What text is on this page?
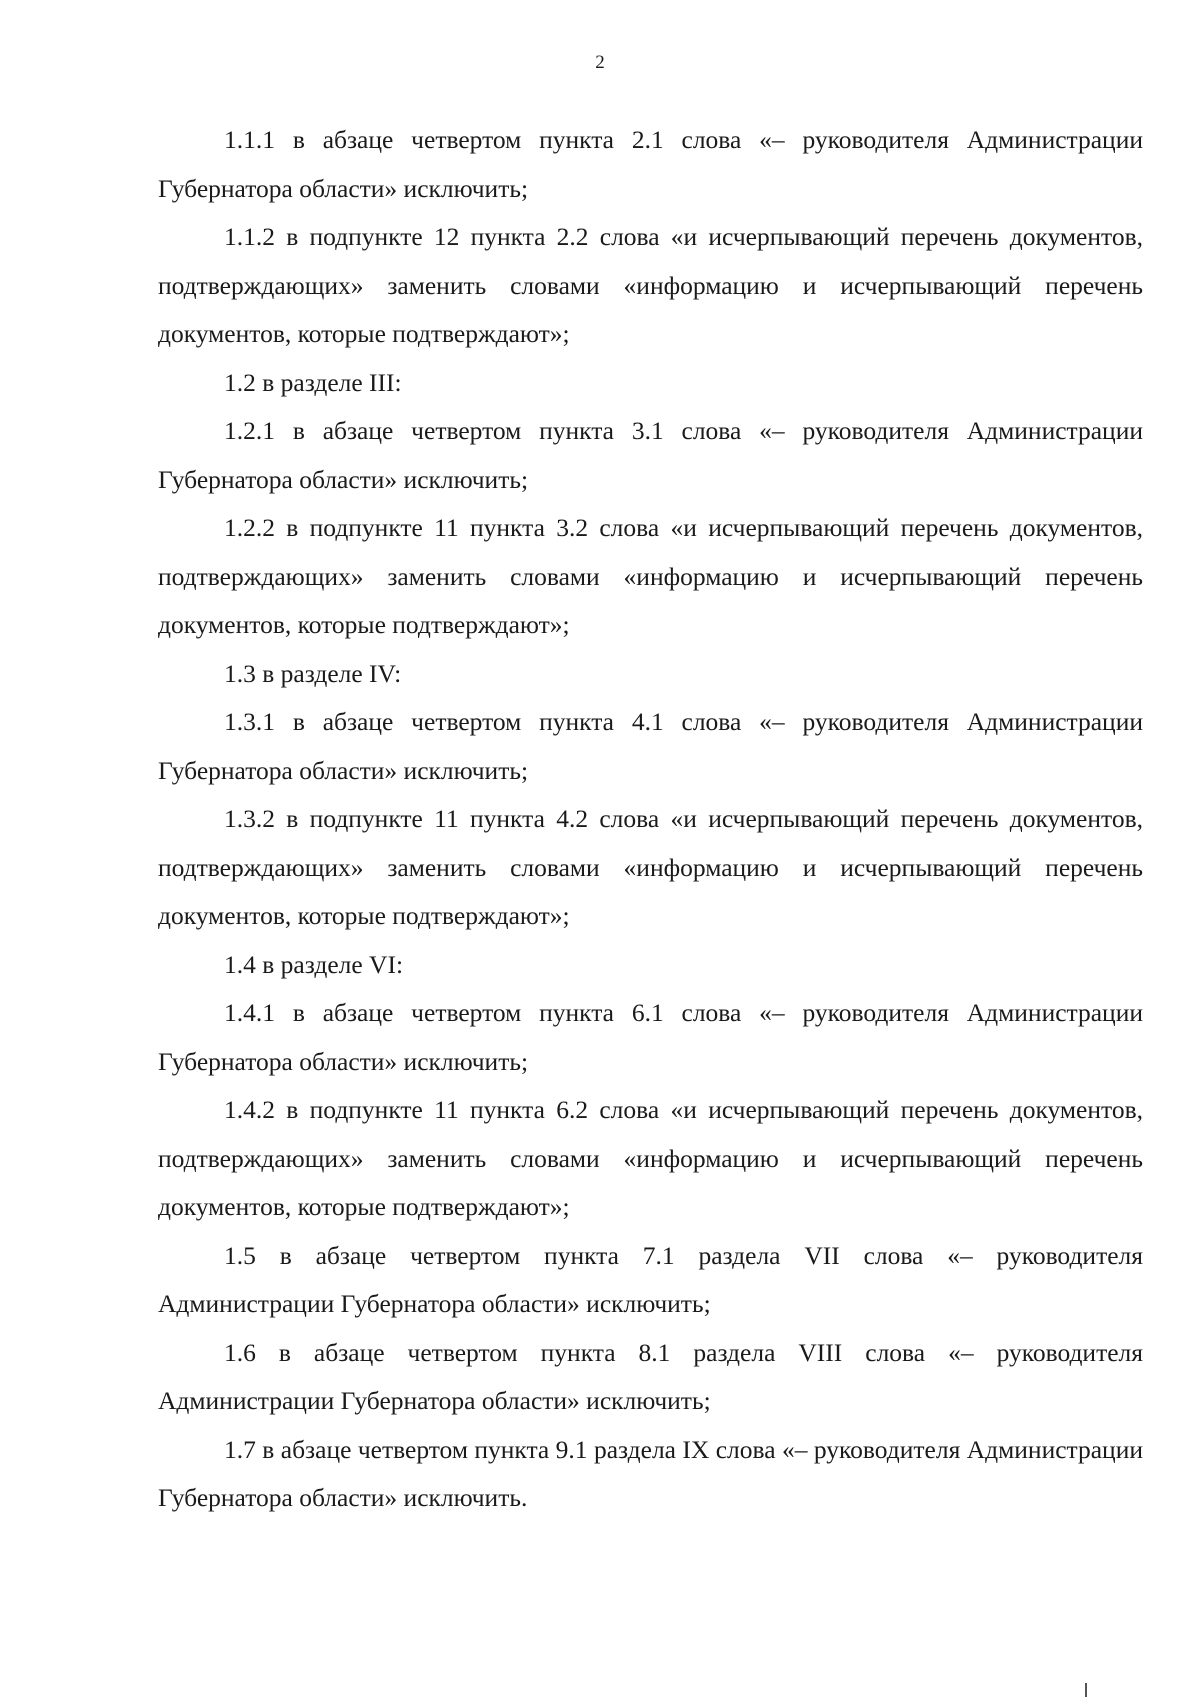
2

1.1.1 в абзаце четвертом пункта 2.1 слова «– руководителя Администрации Губернатора области» исключить;

1.1.2 в подпункте 12 пункта 2.2 слова «и исчерпывающий перечень документов, подтверждающих» заменить словами «информацию и исчерпывающий перечень документов, которые подтверждают»;

1.2 в разделе III:

1.2.1 в абзаце четвертом пункта 3.1 слова «– руководителя Администрации Губернатора области» исключить;

1.2.2 в подпункте 11 пункта 3.2 слова «и исчерпывающий перечень документов, подтверждающих» заменить словами «информацию и исчерпывающий перечень документов, которые подтверждают»;

1.3 в разделе IV:

1.3.1 в абзаце четвертом пункта 4.1 слова «– руководителя Администрации Губернатора области» исключить;

1.3.2 в подпункте 11 пункта 4.2 слова «и исчерпывающий перечень документов, подтверждающих» заменить словами «информацию и исчерпывающий перечень документов, которые подтверждают»;

1.4 в разделе VI:

1.4.1 в абзаце четвертом пункта 6.1 слова «– руководителя Администрации Губернатора области» исключить;

1.4.2 в подпункте 11 пункта 6.2 слова «и исчерпывающий перечень документов, подтверждающих» заменить словами «информацию и исчерпывающий перечень документов, которые подтверждают»;

1.5 в абзаце четвертом пункта 7.1 раздела VII слова «– руководителя Администрации Губернатора области» исключить;

1.6 в абзаце четвертом пункта 8.1 раздела VIII слова «– руководителя Администрации Губернатора области» исключить;

1.7 в абзаце четвертом пункта 9.1 раздела IX слова «– руководителя Администрации Губернатора области» исключить.
